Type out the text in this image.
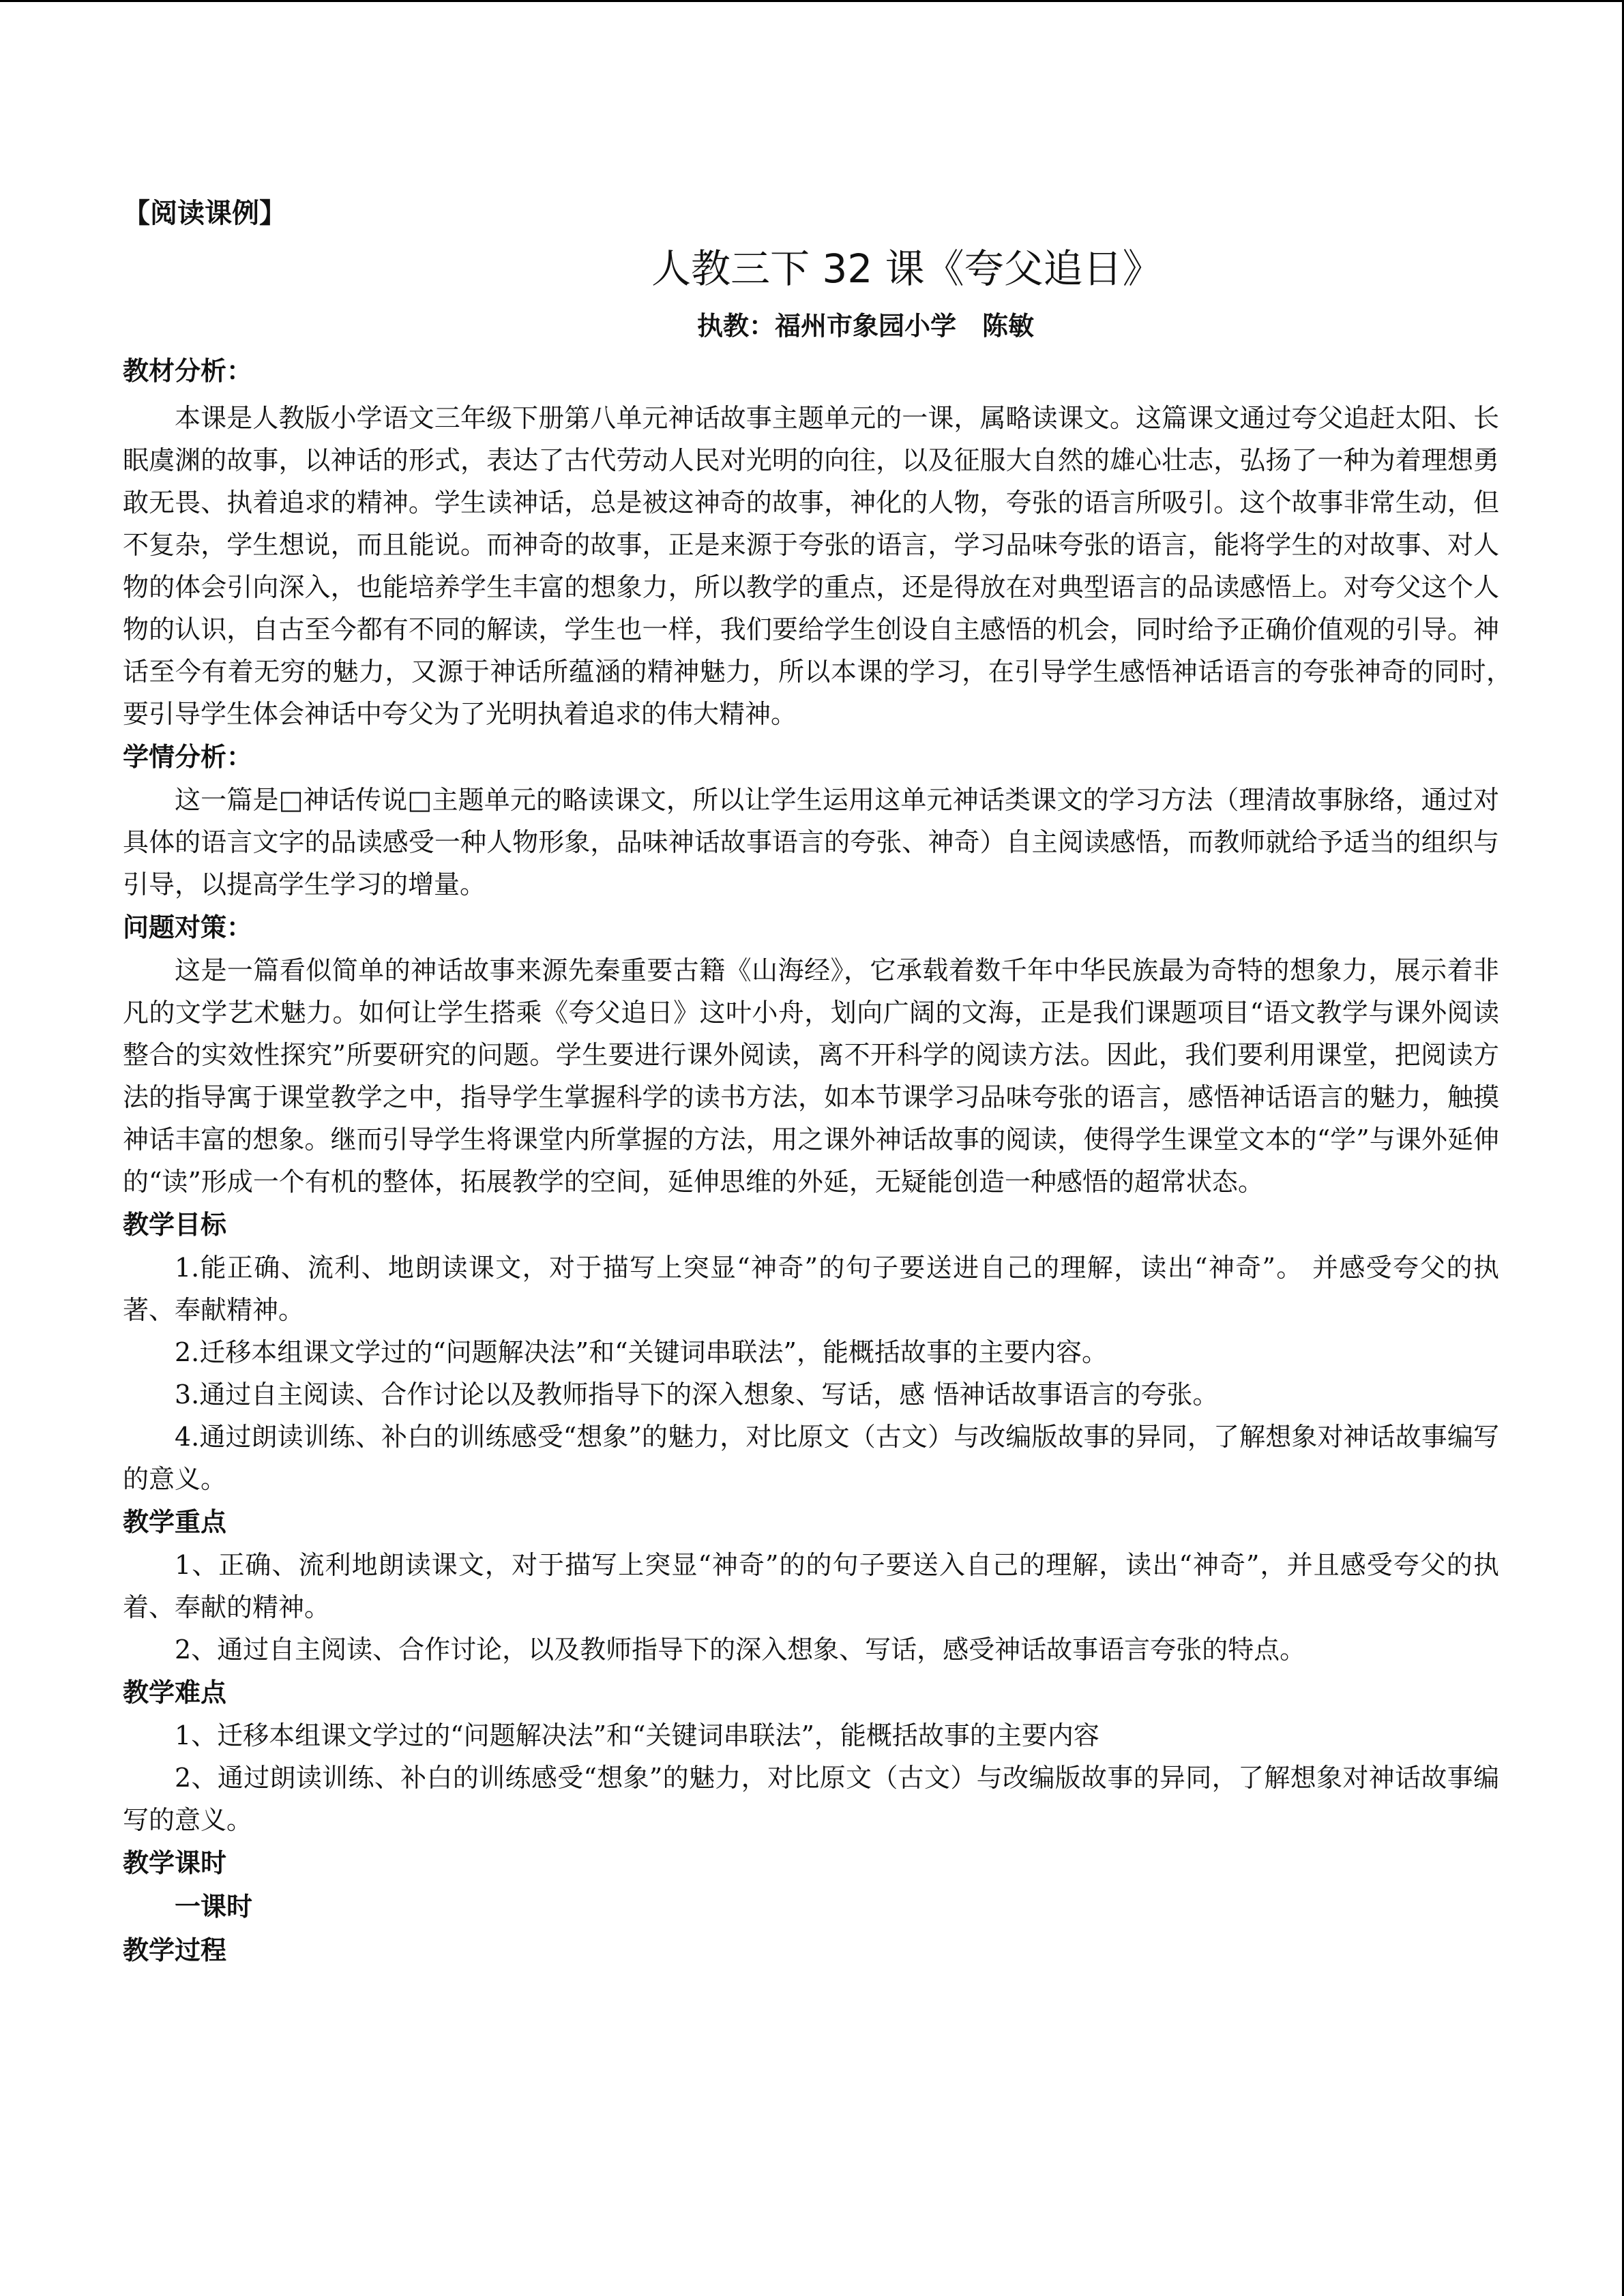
【阅读课例】

人教三下 32 课《夸父追日》

执教：福州市象园小学　陈敏

教材分析：

本课是人教版小学语文三年级下册第八单元神话故事主题单元的一课，属略读课文。这篇课文通过夸父追赶太阳、长眠虞渊的故事，以神话的形式，表达了古代劳动人民对光明的向往，以及征服大自然的雄心壮志，弘扬了一种为着理想勇敢无畏、执着追求的精神。学生读神话，总是被这神奇的故事，神化的人物，夸张的语言所吸引。这个故事非常生动，但不复杂，学生想说，而且能说。而神奇的故事，正是来源于夸张的语言，学习品味夸张的语言，能将学生的对故事、对人物的体会引向深入，也能培养学生丰富的想象力，所以教学的重点，还是得放在对典型语言的品读感悟上。对夸父这个人物的认识，自古至今都有不同的解读，学生也一样，我们要给学生创设自主感悟的机会，同时给予正确价值观的引导。神话至今有着无穷的魅力，又源于神话所蕴涵的精神魅力，所以本课的学习，在引导学生感悟神话语言的夸张神奇的同时，　要引导学生体会神话中夸父为了光明执着追求的伟大精神。

学情分析：

这一篇是□神话传说□主题单元的略读课文，所以让学生运用这单元神话类课文的学习方法（理清故事脉络，通过对具体的语言文字的品读感受一种人物形象，品味神话故事语言的夸张、神奇）自主阅读感悟，而教师就给予适当的组织与引导，以提高学生学习的增量。

问题对策：

这是一篇看似简单的神话故事来源先秦重要古籍《山海经》，它承载着数千年中华民族最为奇特的想象力，展示着非凡的文学艺术魅力。如何让学生搭乘《夸父追日》这叶小舟，划向广阔的文海，正是我们课题项目“语文教学与课外阅读整合的实效性探究”所要研究的问题。学生要进行课外阅读，离不开科学的阅读方法。因此，我们要利用课堂，把阅读方法的指导寓于课堂教学之中，指导学生掌握科学的读书方法，如本节课学习品味夸张的语言，感悟神话语言的魅力，触摸神话丰富的想象。继而引导学生将课堂内所掌握的方法，用之课外神话故事的阅读，使得学生课堂文本的“学”与课外延伸的“读”形成一个有机的整体，拓展教学的空间，延伸思维的外延，无疑能创造一种感悟的超常状态。

教学目标

1.能正确、流利、地朗读课文，对于描写上突显“神奇”的句子要送进自己的理解，读出“神奇”。 并感受夸父的执著、奉献精神。

2.迁移本组课文学过的“问题解决法”和“关键词串联法”，能概括故事的主要内容。

3.通过自主阅读、合作讨论以及教师指导下的深入想象、写话，感 悟神话故事语言的夸张。

4.通过朗读训练、补白的训练感受“想象”的魅力，对比原文（古文）与改编版故事的异同，了解想象对神话故事编写的意义。

教学重点

1、正确、流利地朗读课文，对于描写上突显“神奇”的的句子要送入自己的理解，读出“神奇”，并且感受夸父的执着、奉献的精神。

2、通过自主阅读、合作讨论，以及教师指导下的深入想象、写话，感受神话故事语言夸张的特点。

教学难点

1、迁移本组课文学过的“问题解决法”和“关键词串联法”，能概括故事的主要内容

2、通过朗读训练、补白的训练感受“想象”的魅力，对比原文（古文）与改编版故事的异同，了解想象对神话故事编写的意义。

教学课时

一课时

教学过程
